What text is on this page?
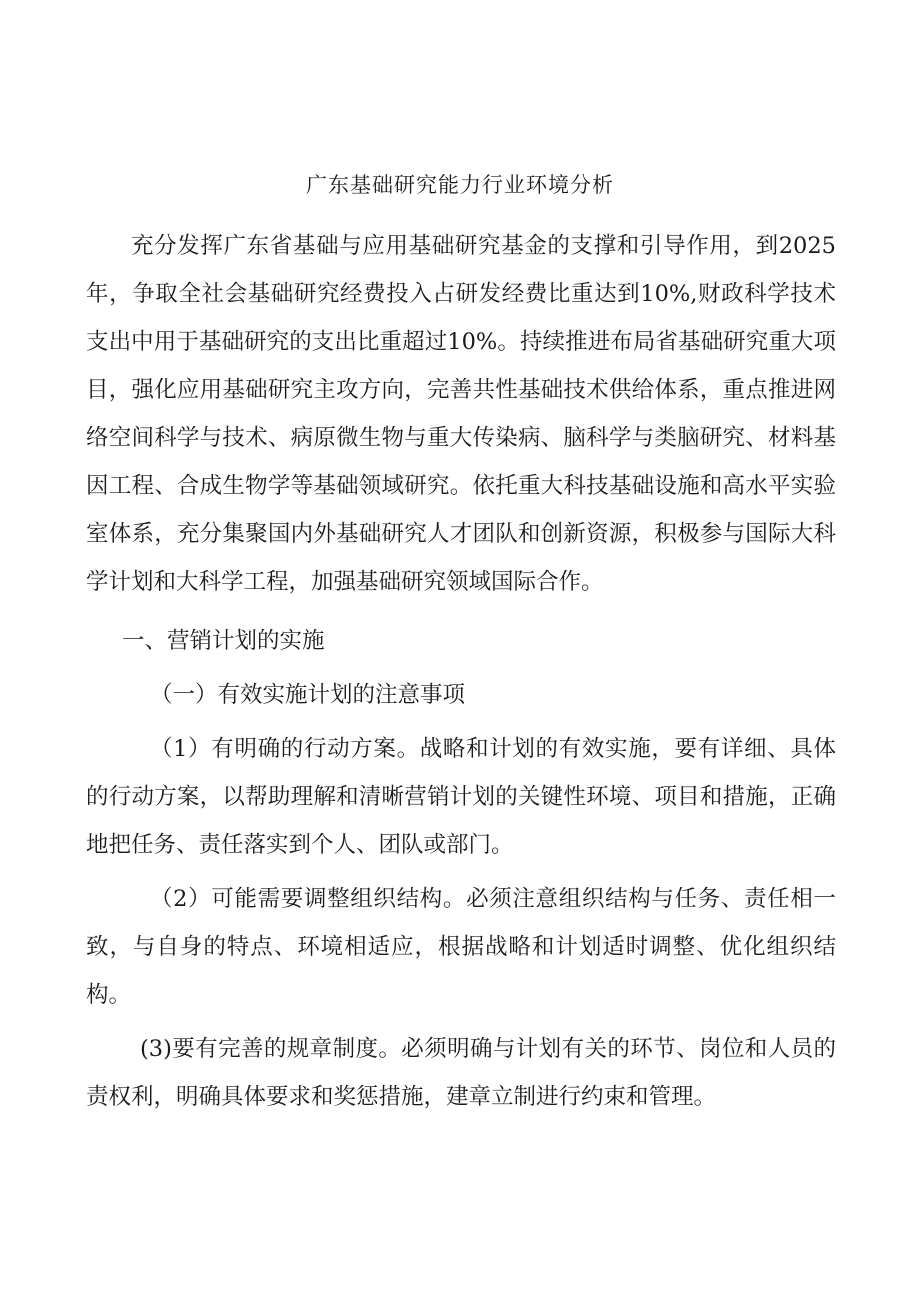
广东基础研究能力行业环境分析

充分发挥广东省基础与应用基础研究基金的支撑和引导作用，到2025年，争取全社会基础研究经费投入占研发经费比重达到10%,财政科学技术支出中用于基础研究的支出比重超过10%。持续推进布局省基础研究重大项目，强化应用基础研究主攻方向，完善共性基础技术供给体系，重点推进网络空间科学与技术、病原微生物与重大传染病、脑科学与类脑研究、材料基因工程、合成生物学等基础领域研究。依托重大科技基础设施和高水平实验室体系，充分集聚国内外基础研究人才团队和创新资源，积极参与国际大科学计划和大科学工程，加强基础研究领域国际合作。

一、营销计划的实施

（一）有效实施计划的注意事项

（1）有明确的行动方案。战略和计划的有效实施，要有详细、具体的行动方案，以帮助理解和清晰营销计划的关键性环境、项目和措施，正确地把任务、责任落实到个人、团队或部门。

（2）可能需要调整组织结构。必须注意组织结构与任务、责任相一致，与自身的特点、环境相适应，根据战略和计划适时调整、优化组织结构。

(3)要有完善的规章制度。必须明确与计划有关的环节、岗位和人员的责权利，明确具体要求和奖惩措施，建章立制进行约束和管理。
